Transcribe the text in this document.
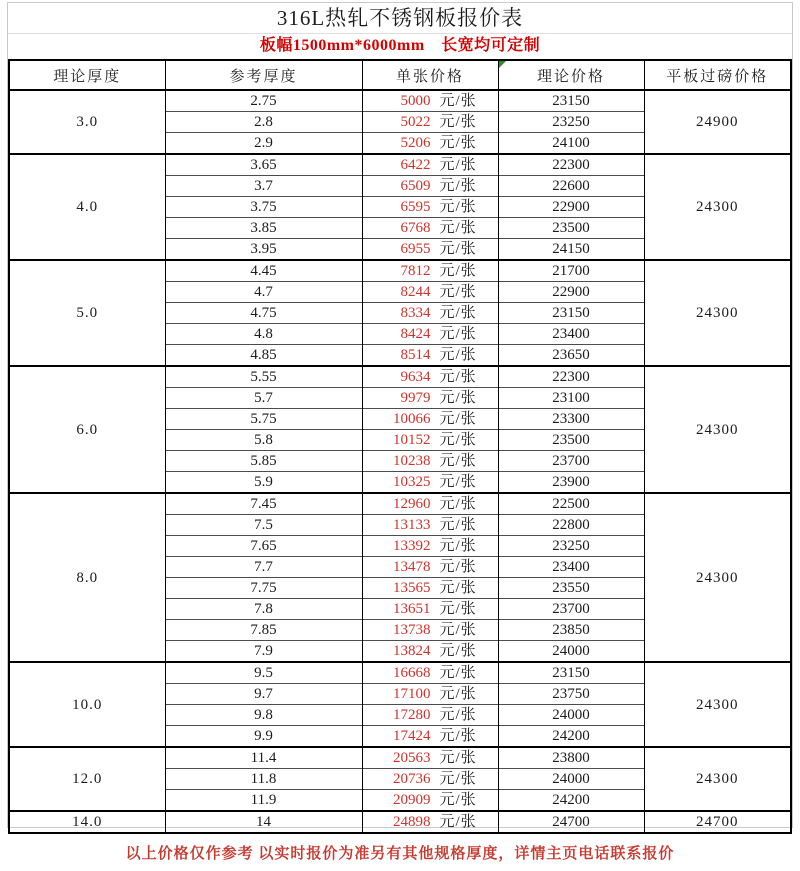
316L热轧不锈钢板报价表
板幅1500mm*6000mm　长宽均可定制
理论厚度	参考厚度	单张价格	理论价格	平板过磅价格
3.0	2.75	5000 元/张	23150	24900
	2.8	5022 元/张	23250	
	2.9	5206 元/张	24100	
4.0	3.65	6422 元/张	22300	24300
	3.7	6509 元/张	22600	
	3.75	6595 元/张	22900	
	3.85	6768 元/张	23500	
	3.95	6955 元/张	24150	
5.0	4.45	7812 元/张	21700	24300
	4.7	8244 元/张	22900	
	4.75	8334 元/张	23150	
	4.8	8424 元/张	23400	
	4.85	8514 元/张	23650	
6.0	5.55	9634 元/张	22300	24300
	5.7	9979 元/张	23100	
	5.75	10066 元/张	23300	
	5.8	10152 元/张	23500	
	5.85	10238 元/张	23700	
	5.9	10325 元/张	23900	
8.0	7.45	12960 元/张	22500	24300
	7.5	13133 元/张	22800	
	7.65	13392 元/张	23250	
	7.7	13478 元/张	23400	
	7.75	13565 元/张	23550	
	7.8	13651 元/张	23700	
	7.85	13738 元/张	23850	
	7.9	13824 元/张	24000	
10.0	9.5	16668 元/张	23150	24300
	9.7	17100 元/张	23750	
	9.8	17280 元/张	24000	
	9.9	17424 元/张	24200	
12.0	11.4	20563 元/张	23800	24300
	11.8	20736 元/张	24000	
	11.9	20909 元/张	24200	
14.0	14	24898 元/张	24700	24700
以上价格仅作参考 以实时报价为准另有其他规格厚度，详情主页电话联系报价
